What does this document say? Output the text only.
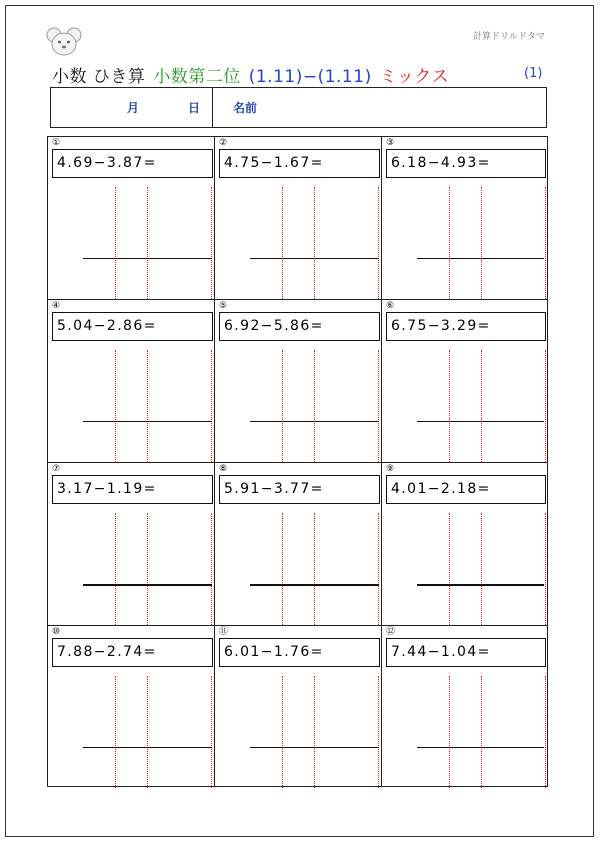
計算ドリルドタマ
小数 ひき算 小数第二位 (1.11)−(1.11) ミックス	(1)
月	日	名前
①
4.69−3.87=
②
4.75−1.67=
③
6.18−4.93=
④
5.04−2.86=
⑤
6.92−5.86=
⑥
6.75−3.29=
⑦
3.17−1.19=
⑧
5.91−3.77=
⑨
4.01−2.18=
⑩
7.88−2.74=
⑪
6.01−1.76=
⑫
7.44−1.04=
